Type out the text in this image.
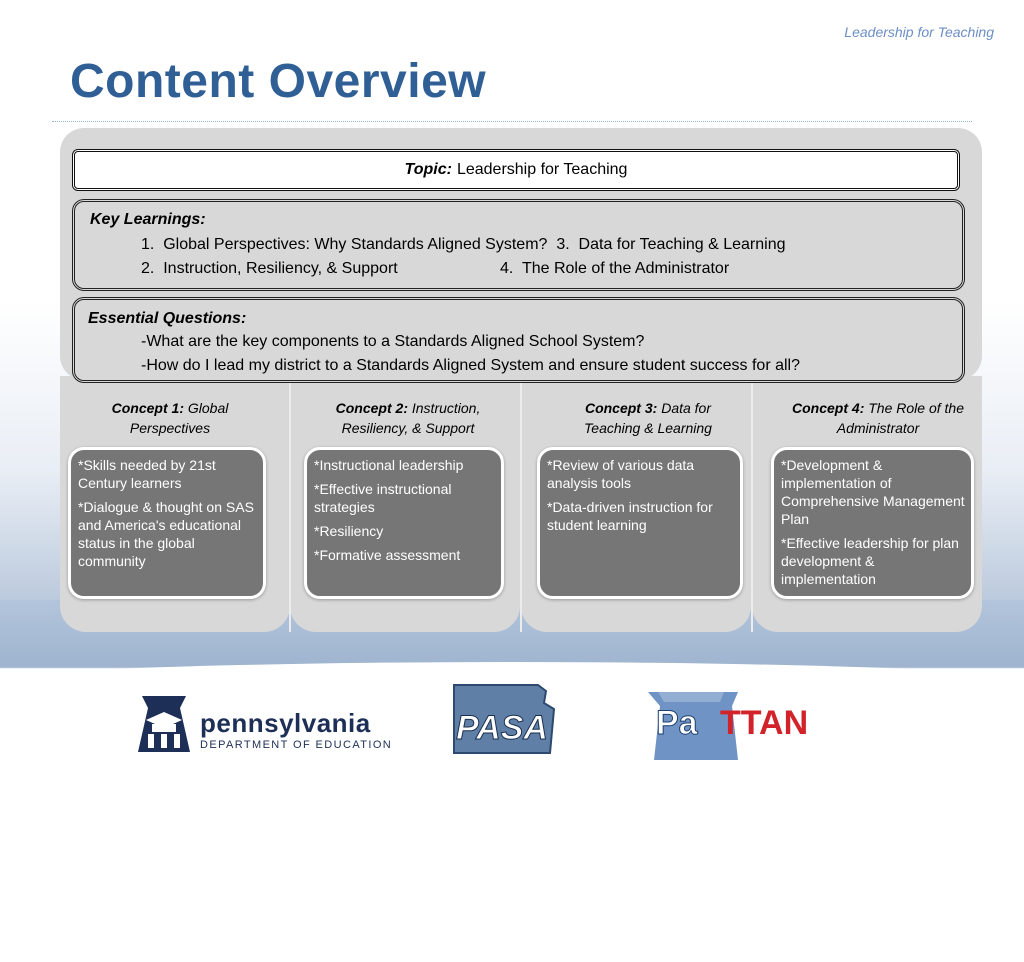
Leadership for Teaching
Content Overview
Topic: Leadership for Teaching
Key Learnings:
1.  Global Perspectives: Why Standards Aligned System?  3.  Data for Teaching & Learning
2.  Instruction, Resiliency, & Support	4.  The Role of the Administrator
Essential Questions:
-What are the key components to a Standards Aligned School System?
-How do I lead my district to a Standards Aligned System and ensure student success for all?
Concept 1: Global
Perspectives
Concept 2: Instruction,
Resiliency, & Support
Concept 3: Data for
Teaching & Learning
Concept 4: The Role of the
Administrator

*Skills needed by 21st Century learners

*Dialogue & thought on SAS and America's educational status in the global community

*Instructional leadership

*Effective instructional strategies

*Resiliency

*Formative assessment

*Review of various data analysis tools

*Data-driven instruction for student learning

*Development & implementation of Comprehensive Management Plan

*Effective leadership for plan development & implementation

pennsylvania
DEPARTMENT OF EDUCATION PASA	Pa TTAN
